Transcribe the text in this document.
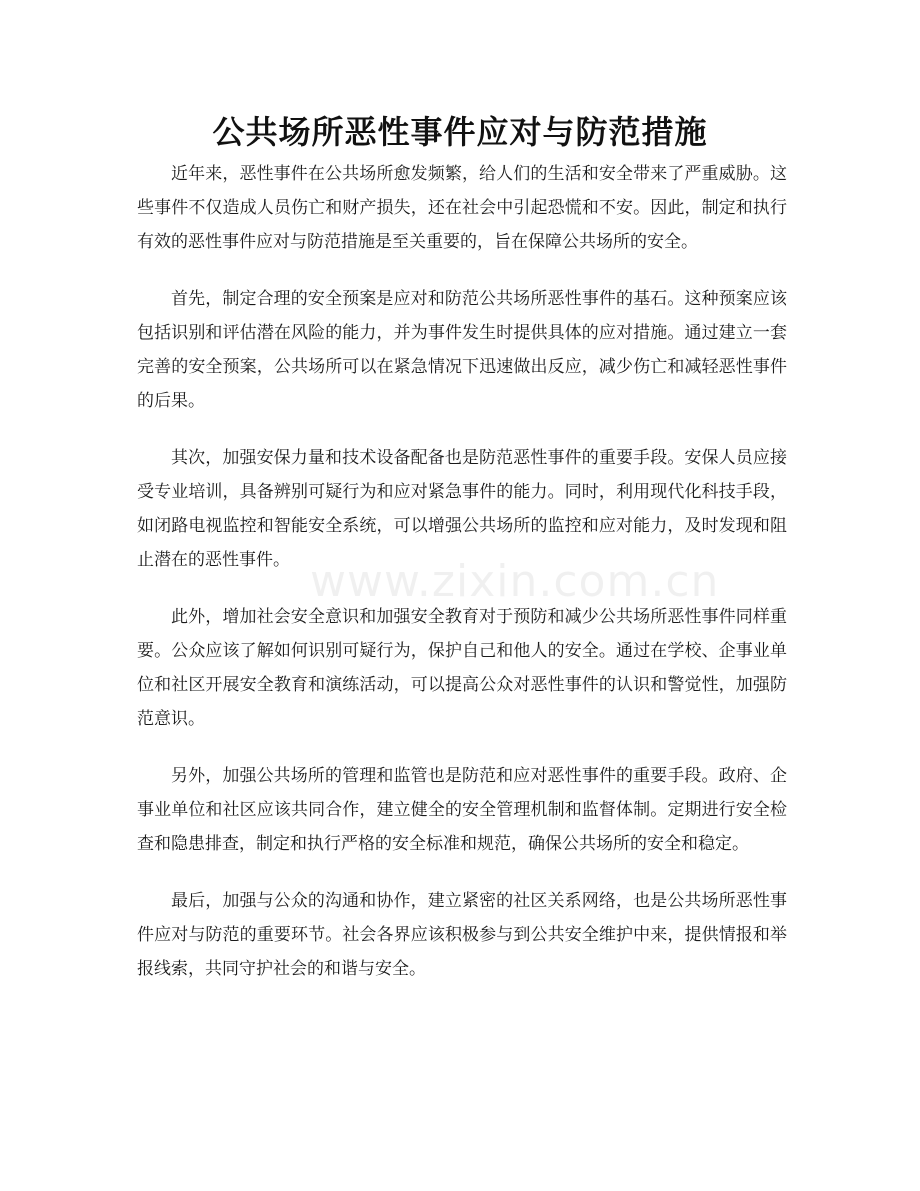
公共场所恶性事件应对与防范措施

近年来，恶性事件在公共场所愈发频繁，给人们的生活和安全带来了严重威胁。这些事件不仅造成人员伤亡和财产损失，还在社会中引起恐慌和不安。因此，制定和执行有效的恶性事件应对与防范措施是至关重要的，旨在保障公共场所的安全。

首先，制定合理的安全预案是应对和防范公共场所恶性事件的基石。这种预案应该包括识别和评估潜在风险的能力，并为事件发生时提供具体的应对措施。通过建立一套完善的安全预案，公共场所可以在紧急情况下迅速做出反应，减少伤亡和减轻恶性事件的后果。

其次，加强安保力量和技术设备配备也是防范恶性事件的重要手段。安保人员应接受专业培训，具备辨别可疑行为和应对紧急事件的能力。同时，利用现代化科技手段，如闭路电视监控和智能安全系统，可以增强公共场所的监控和应对能力，及时发现和阻止潜在的恶性事件。

此外，增加社会安全意识和加强安全教育对于预防和减少公共场所恶性事件同样重要。公众应该了解如何识别可疑行为，保护自己和他人的安全。通过在学校、企事业单位和社区开展安全教育和演练活动，可以提高公众对恶性事件的认识和警觉性，加强防范意识。

另外，加强公共场所的管理和监管也是防范和应对恶性事件的重要手段。政府、企事业单位和社区应该共同合作，建立健全的安全管理机制和监督体制。定期进行安全检查和隐患排查，制定和执行严格的安全标准和规范，确保公共场所的安全和稳定。

最后，加强与公众的沟通和协作，建立紧密的社区关系网络，也是公共场所恶性事件应对与防范的重要环节。社会各界应该积极参与到公共安全维护中来，提供情报和举报线索，共同守护社会的和谐与安全。

www.zixin.com.cn
